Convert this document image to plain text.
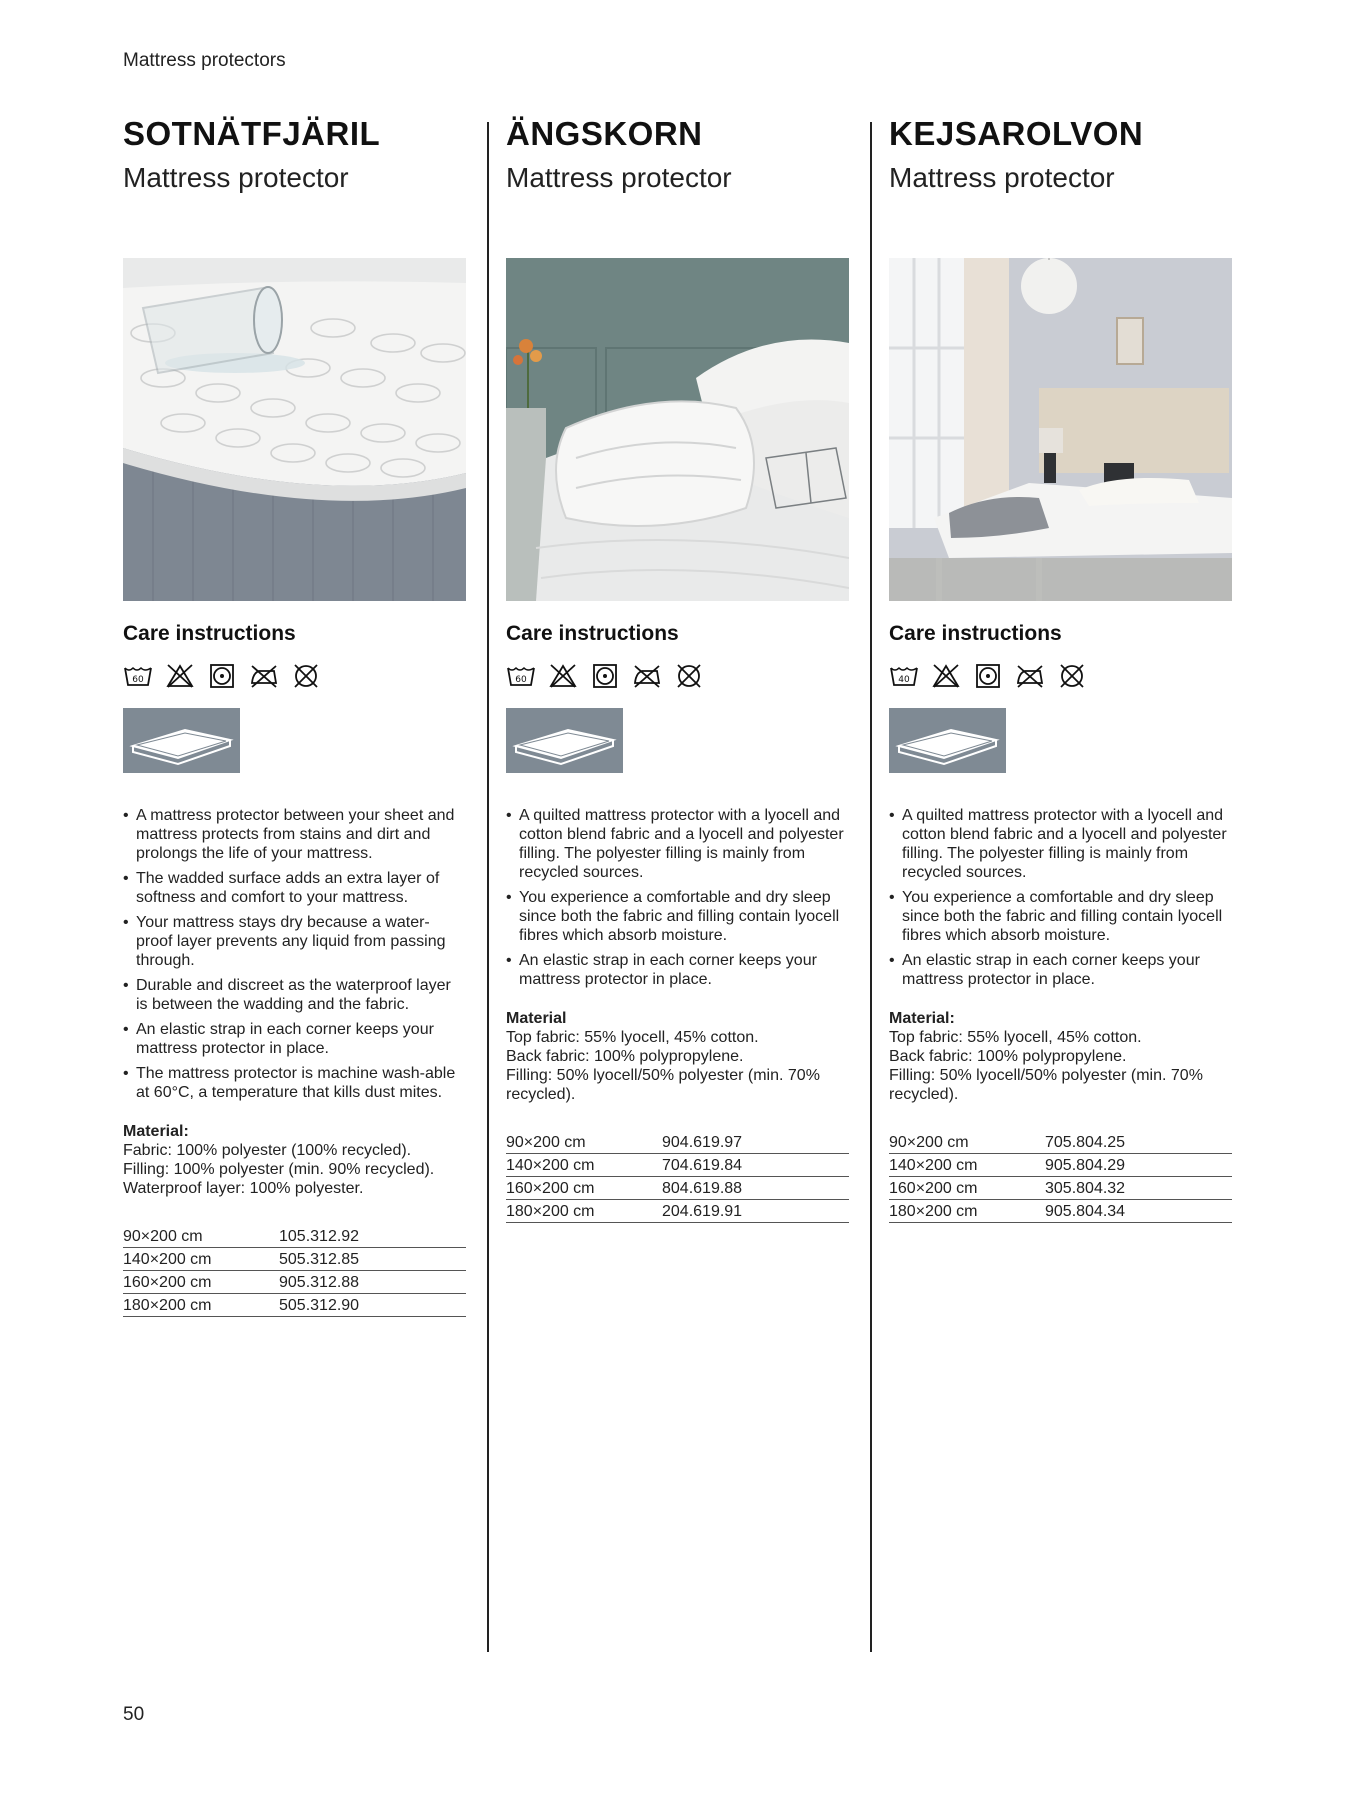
Mattress protectors
SOTNÄTFJÄRIL
Mattress protector
Care instructions
60
• A mattress protector between your sheet and mattress protects from stains and dirt and prolongs the life of your mattress.
• The wadded surface adds an extra layer of softness and comfort to your mattress.
• Your mattress stays dry because a water-proof layer prevents any liquid from passing through.
• Durable and discreet as the waterproof layer is between the wadding and the fabric.
• An elastic strap in each corner keeps your mattress protector in place.
• The mattress protector is machine wash-able at 60°C, a temperature that kills dust mites.
Material:
Fabric: 100% polyester (100% recycled).
Filling: 100% polyester (min. 90% recycled).
Waterproof layer: 100% polyester.
90×200 cm	105.312.92
140×200 cm	505.312.85
160×200 cm	905.312.88
180×200 cm	505.312.90
ÄNGSKORN
Mattress protector
Care instructions
60
• A quilted mattress protector with a lyocell and cotton blend fabric and a lyocell and polyester filling. The polyester filling is mainly from recycled sources.
• You experience a comfortable and dry sleep since both the fabric and filling contain lyocell fibres which absorb moisture.
• An elastic strap in each corner keeps your mattress protector in place.
Material
Top fabric: 55% lyocell, 45% cotton.
Back fabric: 100% polypropylene.
Filling: 50% lyocell/50% polyester (min. 70% recycled).
90×200 cm	904.619.97
140×200 cm	704.619.84
160×200 cm	804.619.88
180×200 cm	204.619.91
KEJSAROLVON
Mattress protector
Care instructions
40
• A quilted mattress protector with a lyocell and cotton blend fabric and a lyocell and polyester filling. The polyester filling is mainly from recycled sources.
• You experience a comfortable and dry sleep since both the fabric and filling contain lyocell fibres which absorb moisture.
• An elastic strap in each corner keeps your mattress protector in place.
Material:
Top fabric: 55% lyocell, 45% cotton.
Back fabric: 100% polypropylene.
Filling: 50% lyocell/50% polyester (min. 70% recycled).
90×200 cm	705.804.25
140×200 cm	905.804.29
160×200 cm	305.804.32
180×200 cm	905.804.34
50
